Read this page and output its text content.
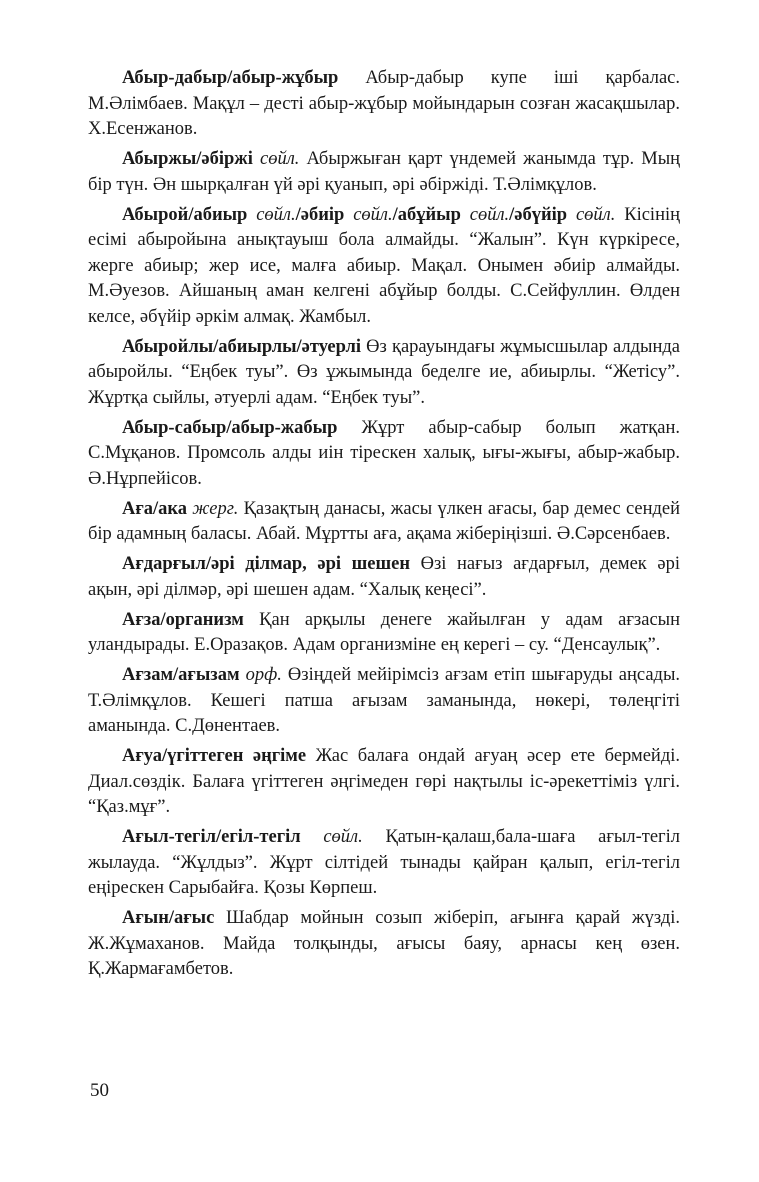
Абыр-дабыр/абыр-жұбыр Абыр-дабыр купе іші қарбалас. М.Әлімбаев. Мақұл – десті абыр-жұбыр мойындарын созған жасақшылар. Х.Есенжанов.

Абыржы/әбіржі сөйл. Абыржыған қарт үндемей жанымда тұр. Мың бір түн. Ән шырқалған үй әрі қуанып, әрі әбіржіді. Т.Әлімқұлов.

Абырой/абиыр сөйл./әбиір сөйл./абұйыр сөйл./әбүйір сөйл. Кісінің есімі абыройына анықтауыш бола алмайды. “Жалын”. Күн күркіресе, жерге абиыр; жер исе, малға абиыр. Мақал. Онымен әбиір алмайды. М.Әуезов. Айшаның аман келгені абұйыр болды. С.Сейфуллин. Өлден келсе, әбүйір әркім алмақ. Жамбыл.

Абыройлы/абиырлы/әтуерлі Өз қарауындағы жұмысшылар алдында абыройлы. “Еңбек туы”. Өз ұжымында беделге ие, абиырлы. “Жетісу”. Жұртқа сыйлы, әтуерлі адам. “Еңбек туы”.

Абыр-сабыр/абыр-жабыр Жұрт абыр-сабыр болып жатқан. С.Мұқанов. Промсоль алды иін тірескен халық, ығы-жығы, абыр-жабыр. Ә.Нұрпейісов.

Аға/ака жерг. Қазақтың данасы, жасы үлкен ағасы, бар демес сендей бір адамның баласы. Абай. Мұртты аға, ақама жіберіңізші. Ә.Сәрсенбаев.

Ағдарғыл/әрі ділмар, әрі шешен Өзі нағыз ағдарғыл, демек әрі ақын, әрі ділмәр, әрі шешен адам. “Халық кеңесі”.

Ағза/организм Қан арқылы денеге жайылған у адам ағзасын уландырады. Е.Оразақов. Адам организміне ең керегі – су. “Денсаулық”.

Ағзам/ағызам орф. Өзіңдей мейірімсіз ағзам етіп шығаруды аңсады. Т.Әлімқұлов. Кешегі патша ағызам заманында, нөкері, төлеңгіті аманында. С.Дөнентаев.

Ағуа/үгіттеген әңгіме Жас балаға ондай ағуаң әсер ете бермейді. Диал.сөздік. Балаға үгіттеген әңгімеден гөрі нақтылы іс-әрекеттіміз үлгі. “Қаз.мұғ”.

Ағыл-тегіл/егіл-тегіл сөйл. Қатын-қалаш,бала-шаға ағыл-тегіл жылауда. “Жұлдыз”. Жұрт сілтідей тынады қайран қалып, егіл-тегіл еңірескен Сарыбайға. Қозы Көрпеш.

Ағын/ағыс Шабдар мойнын созып жіберіп, ағынға қарай жүзді. Ж.Жұмаханов. Майда толқынды, ағысы баяу, арнасы кең өзен. Қ.Жармағамбетов.

50
